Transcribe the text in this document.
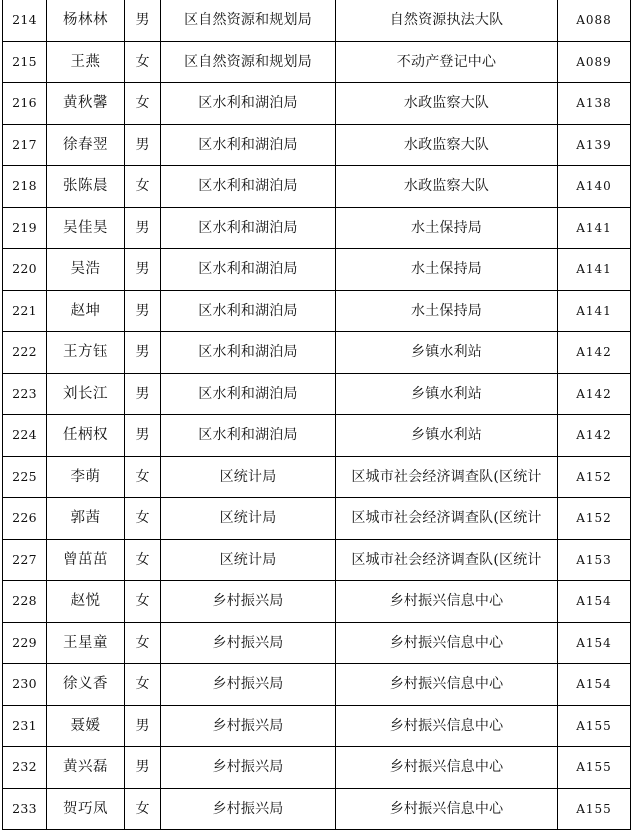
214	杨林林	男	区自然资源和规划局	自然资源执法大队	A088
215	王燕	女	区自然资源和规划局	不动产登记中心	A089
216	黄秋馨	女	区水利和湖泊局	水政监察大队	A138
217	徐春翌	男	区水利和湖泊局	水政监察大队	A139
218	张陈晨	女	区水利和湖泊局	水政监察大队	A140
219	吴佳昊	男	区水利和湖泊局	水土保持局	A141
220	吴浩	男	区水利和湖泊局	水土保持局	A141
221	赵坤	男	区水利和湖泊局	水土保持局	A141
222	王方钰	男	区水利和湖泊局	乡镇水利站	A142
223	刘长江	男	区水利和湖泊局	乡镇水利站	A142
224	任柄权	男	区水利和湖泊局	乡镇水利站	A142
225	李萌	女	区统计局	区城市社会经济调查队(区统计	A152
226	郭茜	女	区统计局	区城市社会经济调查队(区统计	A152
227	曾茁茁	女	区统计局	区城市社会经济调查队(区统计	A153
228	赵悦	女	乡村振兴局	乡村振兴信息中心	A154
229	王星童	女	乡村振兴局	乡村振兴信息中心	A154
230	徐义香	女	乡村振兴局	乡村振兴信息中心	A154
231	聂媛	男	乡村振兴局	乡村振兴信息中心	A155
232	黄兴磊	男	乡村振兴局	乡村振兴信息中心	A155
233	贺巧凤	女	乡村振兴局	乡村振兴信息中心	A155
